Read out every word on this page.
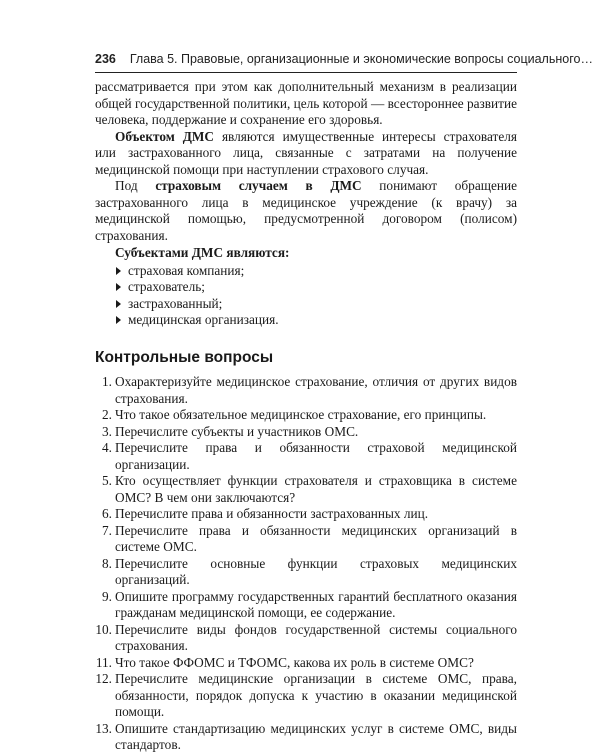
236 Глава 5. Правовые, организационные и экономические вопросы социального…

рассматривается при этом как дополнительный механизм в реализации общей государственной политики, цель которой — всестороннее развитие человека, поддержание и сохранение его здоровья.

Объектом ДМС являются имущественные интересы страхователя или застрахованного лица, связанные с затратами на получение медицинской помощи при наступлении страхового случая.

Под страховым случаем в ДМС понимают обращение застрахованного лица в медицинское учреждение (к врачу) за медицинской помощью, предусмотренной договором (полисом) страхования.

Субъектами ДМС являются:

страховая компания;
страхователь;
застрахованный;
медицинская организация.
Контрольные вопросы
1. Охарактеризуйте медицинское страхование, отличия от других видов страхования.
2. Что такое обязательное медицинское страхование, его принципы.
3. Перечислите субъекты и участников ОМС.
4. Перечислите права и обязанности страховой медицинской организации.
5. Кто осуществляет функции страхователя и страховщика в системе ОМС? В чем они заключаются?
6. Перечислите права и обязанности застрахованных лиц.
7. Перечислите права и обязанности медицинских организаций в системе ОМС.
8. Перечислите основные функции страховых медицинских организаций.
9. Опишите программу государственных гарантий бесплатного оказания гражданам медицинской помощи, ее содержание.
10. Перечислите виды фондов государственной системы социального страхования.
11. Что такое ФФОМС и ТФОМС, какова их роль в системе ОМС?
12. Перечислите медицинские организации в системе ОМС, права, обязанности, порядок допуска к участию в оказании медицинской помощи.
13. Опишите стандартизацию медицинских услуг в системе ОМС, виды стандартов.
